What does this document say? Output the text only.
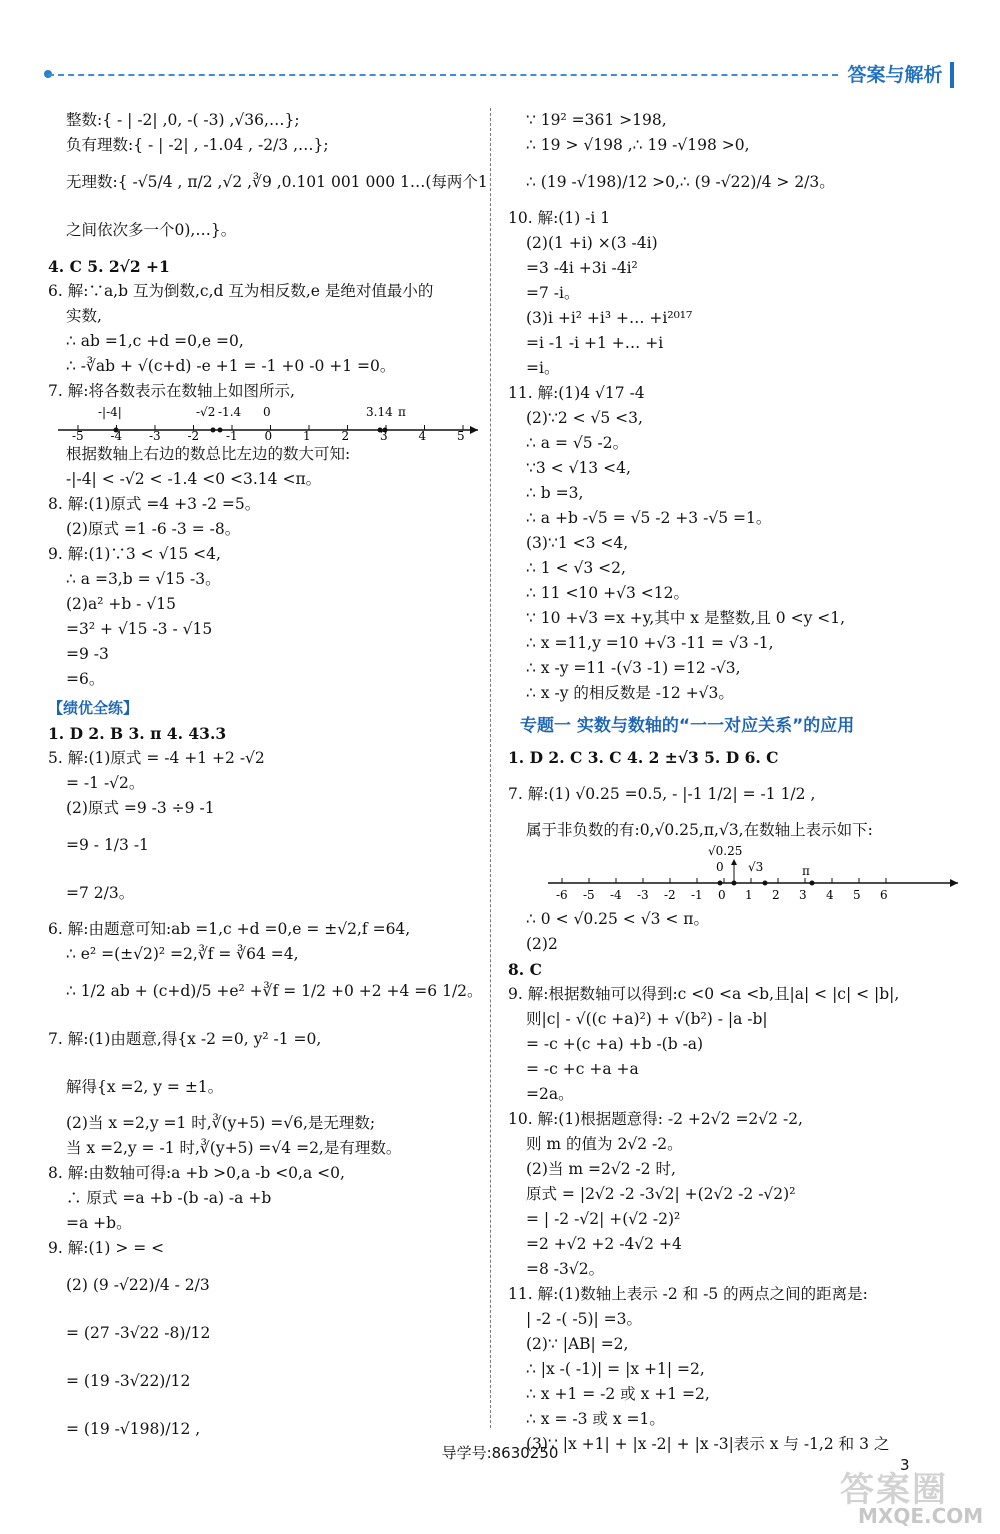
答案与解析
整数:{ - | -2| ,0, -( -3) ,√36,…};
负有理数:{ - | -2| , -1.04̇ , -2/3 ,…};
无理数:{ -√5/4 , π/2 ,√2 ,∛9 ,0.101 001 000 1…(每两个1
之间依次多一个0),…}。
4. C 5. 2√2 +1
6. 解:∵a,b 互为倒数,c,d 互为相反数,e 是绝对值最小的
实数,
∴ ab =1,c +d =0,e =0,
∴ -∛ab + √(c+d) -e +1 = -1 +0 -0 +1 =0。
7. 解:将各数表示在数轴上如图所示,
-|-4|	-√2 -1.4 0	3.14 π
-5 -4 -3 -2 -1 0	1	2	3	4	5
根据数轴上右边的数总比左边的数大可知:
-|-4| < -√2 < -1.4 <0 <3.14 <π。
8. 解:(1)原式 =4 +3 -2 =5。
(2)原式 =1 -6 -3 = -8。
9. 解:(1)∵3 < √15 <4,
∴ a =3,b = √15 -3。
(2)a² +b - √15
=3² + √15 -3 - √15
=9 -3
=6。
【绩优全练】
1. D 2. B 3. π 4. 43.3
5. 解:(1)原式 = -4 +1 +2 -√2
= -1 -√2。
(2)原式 =9 -3 ÷9 -1
=9 - 1/3 -1
=7 2/3。
6. 解:由题意可知:ab =1,c +d =0,e = ±√2,f =64,
∴ e² =(±√2)² =2,∛f = ∛64 =4,
∴ 1/2 ab + (c+d)/5 +e² +∛f = 1/2 +0 +2 +4 =6 1/2。
7. 解:(1)由题意,得{x -2 =0, y² -1 =0,
解得{x =2, y = ±1。
(2)当 x =2,y =1 时,∛(y+5) =√6,是无理数;
当 x =2,y = -1 时,∛(y+5) =√4 =2,是有理数。
8. 解:由数轴可得:a +b >0,a -b <0,a <0,
∴ 原式 =a +b -(b -a) -a +b
=a +b。
9. 解:(1) > = <
(2) (9 -√22)/4 - 2/3
= (27 -3√22 -8)/12
= (19 -3√22)/12
= (19 -√198)/12 ,
∵ 19² =361 >198,
∴ 19 > √198 ,∴ 19 -√198 >0,
∴ (19 -√198)/12 >0,∴ (9 -√22)/4 > 2/3。
10. 解:(1) -i 1
(2)(1 +i) ×(3 -4i)
=3 -4i +3i -4i²
=7 -i。
(3)i +i² +i³ +… +i²⁰¹⁷
=i -1 -i +1 +… +i
=i。
11. 解:(1)4 √17 -4
(2)∵2 < √5 <3,
∴ a = √5 -2。
∵3 < √13 <4,
∴ b =3,
∴ a +b -√5 = √5 -2 +3 -√5 =1。
(3)∵1 <3 <4,
∴ 1 < √3 <2,
∴ 11 <10 +√3 <12。
∵ 10 +√3 =x +y,其中 x 是整数,且 0 <y <1,
∴ x =11,y =10 +√3 -11 = √3 -1,
∴ x -y =11 -(√3 -1) =12 -√3,
∴ x -y 的相反数是 -12 +√3。
专题一 实数与数轴的“一一对应关系”的应用
1. D 2. C 3. C 4. 2 ±√3 5. D 6. C
7. 解:(1) √0.25 =0.5, - |-1 1/2| = -1 1/2 ,
属于非负数的有:0,√0.25,π,√3,在数轴上表示如下:
√0.25
0 √3	π
-6 -5 -4 -3 -2 -1 0 1 2 3 4 5 6
∴ 0 < √0.25 < √3 < π。
(2)2
8. C
9. 解:根据数轴可以得到:c <0 <a <b,且|a| < |c| < |b|,
则|c| - √((c +a)²) + √(b²) - |a -b|
= -c +(c +a) +b -(b -a)
= -c +c +a +a
=2a。
10. 解:(1)根据题意得: -2 +2√2 =2√2 -2,
则 m 的值为 2√2 -2。
(2)当 m =2√2 -2 时,
原式 = |2√2 -2 -3√2| +(2√2 -2 -√2)²
= | -2 -√2| +(√2 -2)²
=2 +√2 +2 -4√2 +4
=8 -3√2。
11. 解:(1)数轴上表示 -2 和 -5 的两点之间的距离是:
| -2 -( -5)| =3。
(2)∵ |AB| =2,
∴ |x -( -1)| = |x +1| =2,
∴ x +1 = -2 或 x +1 =2,
∴ x = -3 或 x =1。
(3)∵ |x +1| + |x -2| + |x -3|表示 x 与 -1,2 和 3 之
导学号:8630250
3
答案圈
MXQE.COM
